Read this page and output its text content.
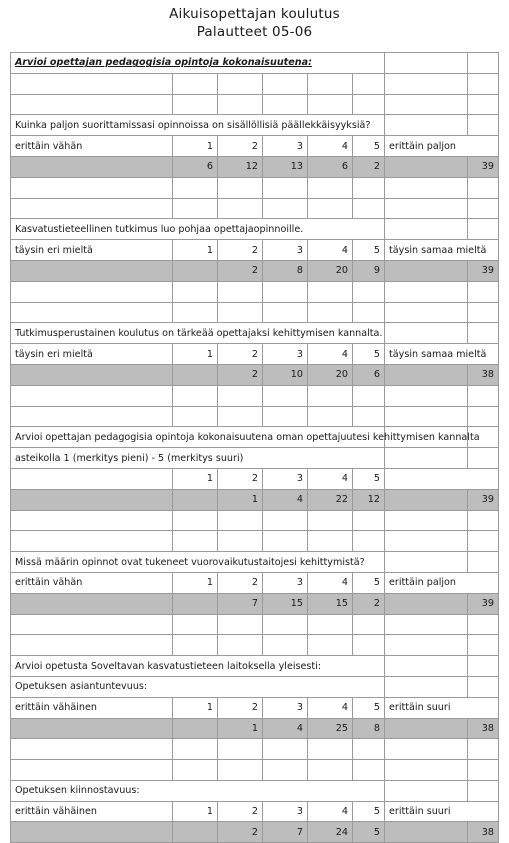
Aikuisopettajan koulutus
Palautteet 05-06
Arvioi opettajan pedagogisia opintoja kokonaisuutena:							

Kuinka paljon suorittamissasi opinnoissa on sisällöllisiä päällekkäisyyksiä?							
erittäin vähän	1	2	3	4	5	erittäin paljon	
	6	12	13	6	2		39

Kasvatustieteellinen tutkimus luo pohjaa opettajaopinnoille.							
täysin eri mieltä	1	2	3	4	5	täysin samaa mieltä	
		2	8	20	9		39

Tutkimusperustainen koulutus on tärkeää opettajaksi kehittymisen kannalta.							
täysin eri mieltä	1	2	3	4	5	täysin samaa mieltä	
		2	10	20	6		38

Arvioi opettajan pedagogisia opintoja kokonaisuutena oman opettajuutesi kehittymisen kannalta							
asteikolla 1 (merkitys pieni) - 5 (merkitys suuri)							
	1	2	3	4	5		
		1	4	22	12		39

Missä määrin opinnot ovat tukeneet vuorovaikutustaitojesi kehittymistä?							
erittäin vähän	1	2	3	4	5	erittäin paljon	
		7	15	15	2		39

Arvioi opetusta Soveltavan kasvatustieteen laitoksella yleisesti:							
Opetuksen asiantuntevuus:							
erittäin vähäinen	1	2	3	4	5	erittäin suuri	
		1	4	25	8		38

Opetuksen kiinnostavuus:							
erittäin vähäinen	1	2	3	4	5	erittäin suuri	
		2	7	24	5		38
